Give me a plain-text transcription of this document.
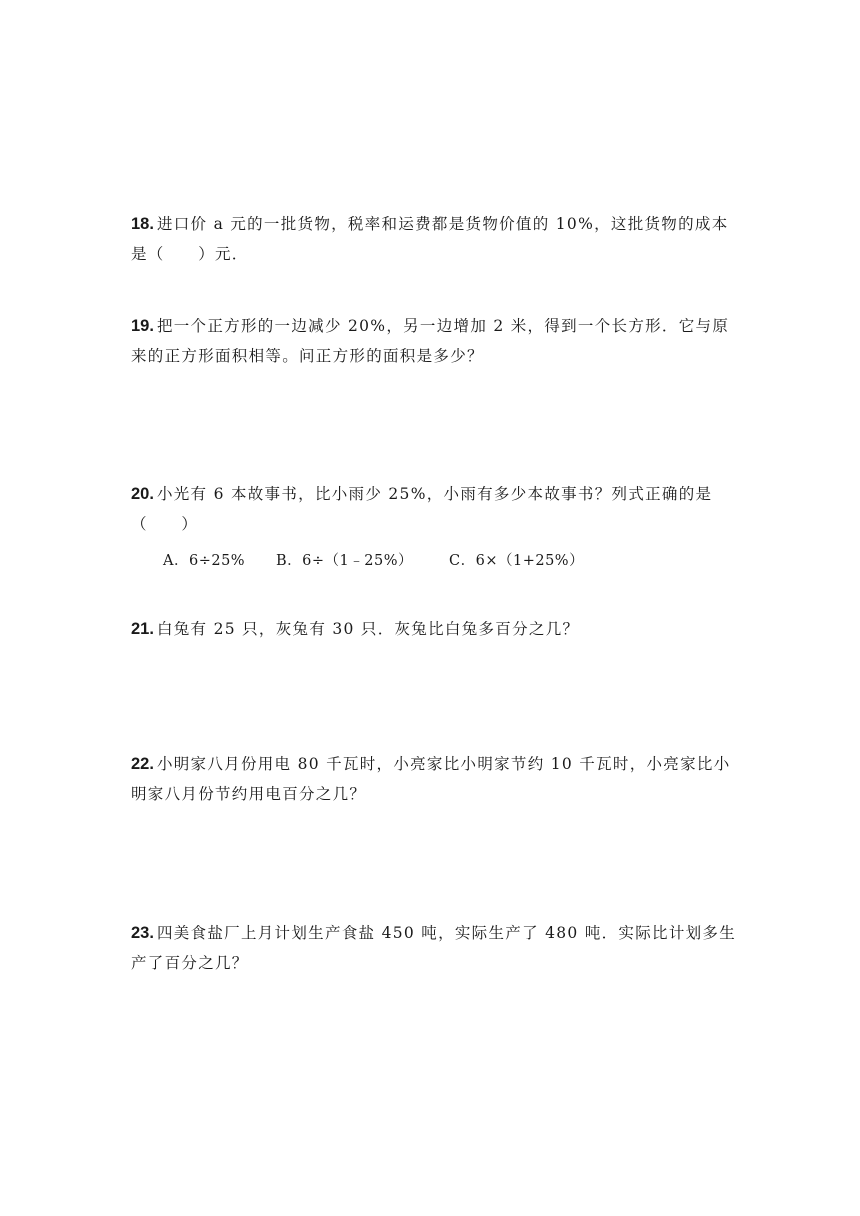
18. 进口价 a 元的一批货物，税率和运费都是货物价值的 10%，这批货物的成本
是（　　）元．
19. 把一个正方形的一边减少 20%，另一边增加 2 米，得到一个长方形．它与原
来的正方形面积相等。问正方形的面积是多少？
20. 小光有 6 本故事书，比小雨少 25%，小雨有多少本故事书？列式正确的是
（　　）
A．6÷25% B．6÷（1﹣25%） C．6×（1+25%）
21. 白兔有 25 只，灰兔有 30 只．灰兔比白兔多百分之几？
22. 小明家八月份用电 80 千瓦时，小亮家比小明家节约 10 千瓦时，小亮家比小
明家八月份节约用电百分之几？
23. 四美食盐厂上月计划生产食盐 450 吨，实际生产了 480 吨．实际比计划多生
产了百分之几？
